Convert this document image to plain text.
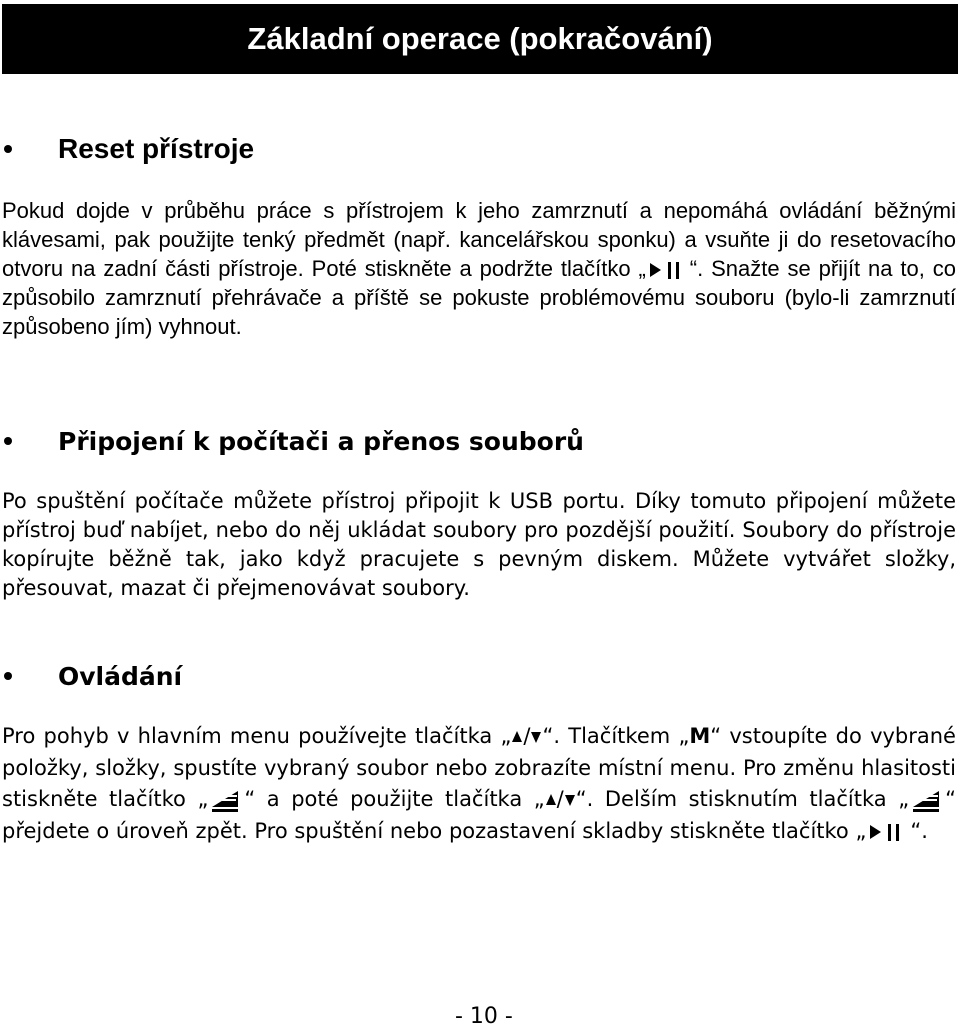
Základní operace (pokračování)
Reset přístroje
Pokud dojde v průběhu práce s přístrojem k jeho zamrznutí a nepomáhá ovládání běžnými klávesami, pak použijte tenký předmět (např. kancelářskou sponku) a vsuňte ji do resetovacího otvoru na zadní části přístroje. Poté stiskněte a podržte tlačítko „ “. Snažte se přijít na to, co způsobilo zamrznutí přehrávače a příště se pokuste problémovému souboru (bylo-li zamrznutí způsobeno jím) vyhnout.
Připojení k počítači a přenos souborů
Po spuštění počítače můžete přístroj připojit k USB portu. Díky tomuto připojení můžete přístroj buď nabíjet, nebo do něj ukládat soubory pro pozdější použití. Soubory do přístroje kopírujte běžně tak, jako když pracujete s pevným diskem. Můžete vytvářet složky, přesouvat, mazat či přejmenovávat soubory.
Ovládání
Pro pohyb v hlavním menu používejte tlačítka „ / “. Tlačítkem „M“ vstoupíte do vybrané položky, složky, spustíte vybraný soubor nebo zobrazíte místní menu. Pro změnu hlasitosti stiskněte tlačítko „ “ a poté použijte tlačítka „ / “. Delším stisknutím tlačítka „ “ přejdete o úroveň zpět. Pro spuštění nebo pozastavení skladby stiskněte tlačítko „ “.
- 10 -
